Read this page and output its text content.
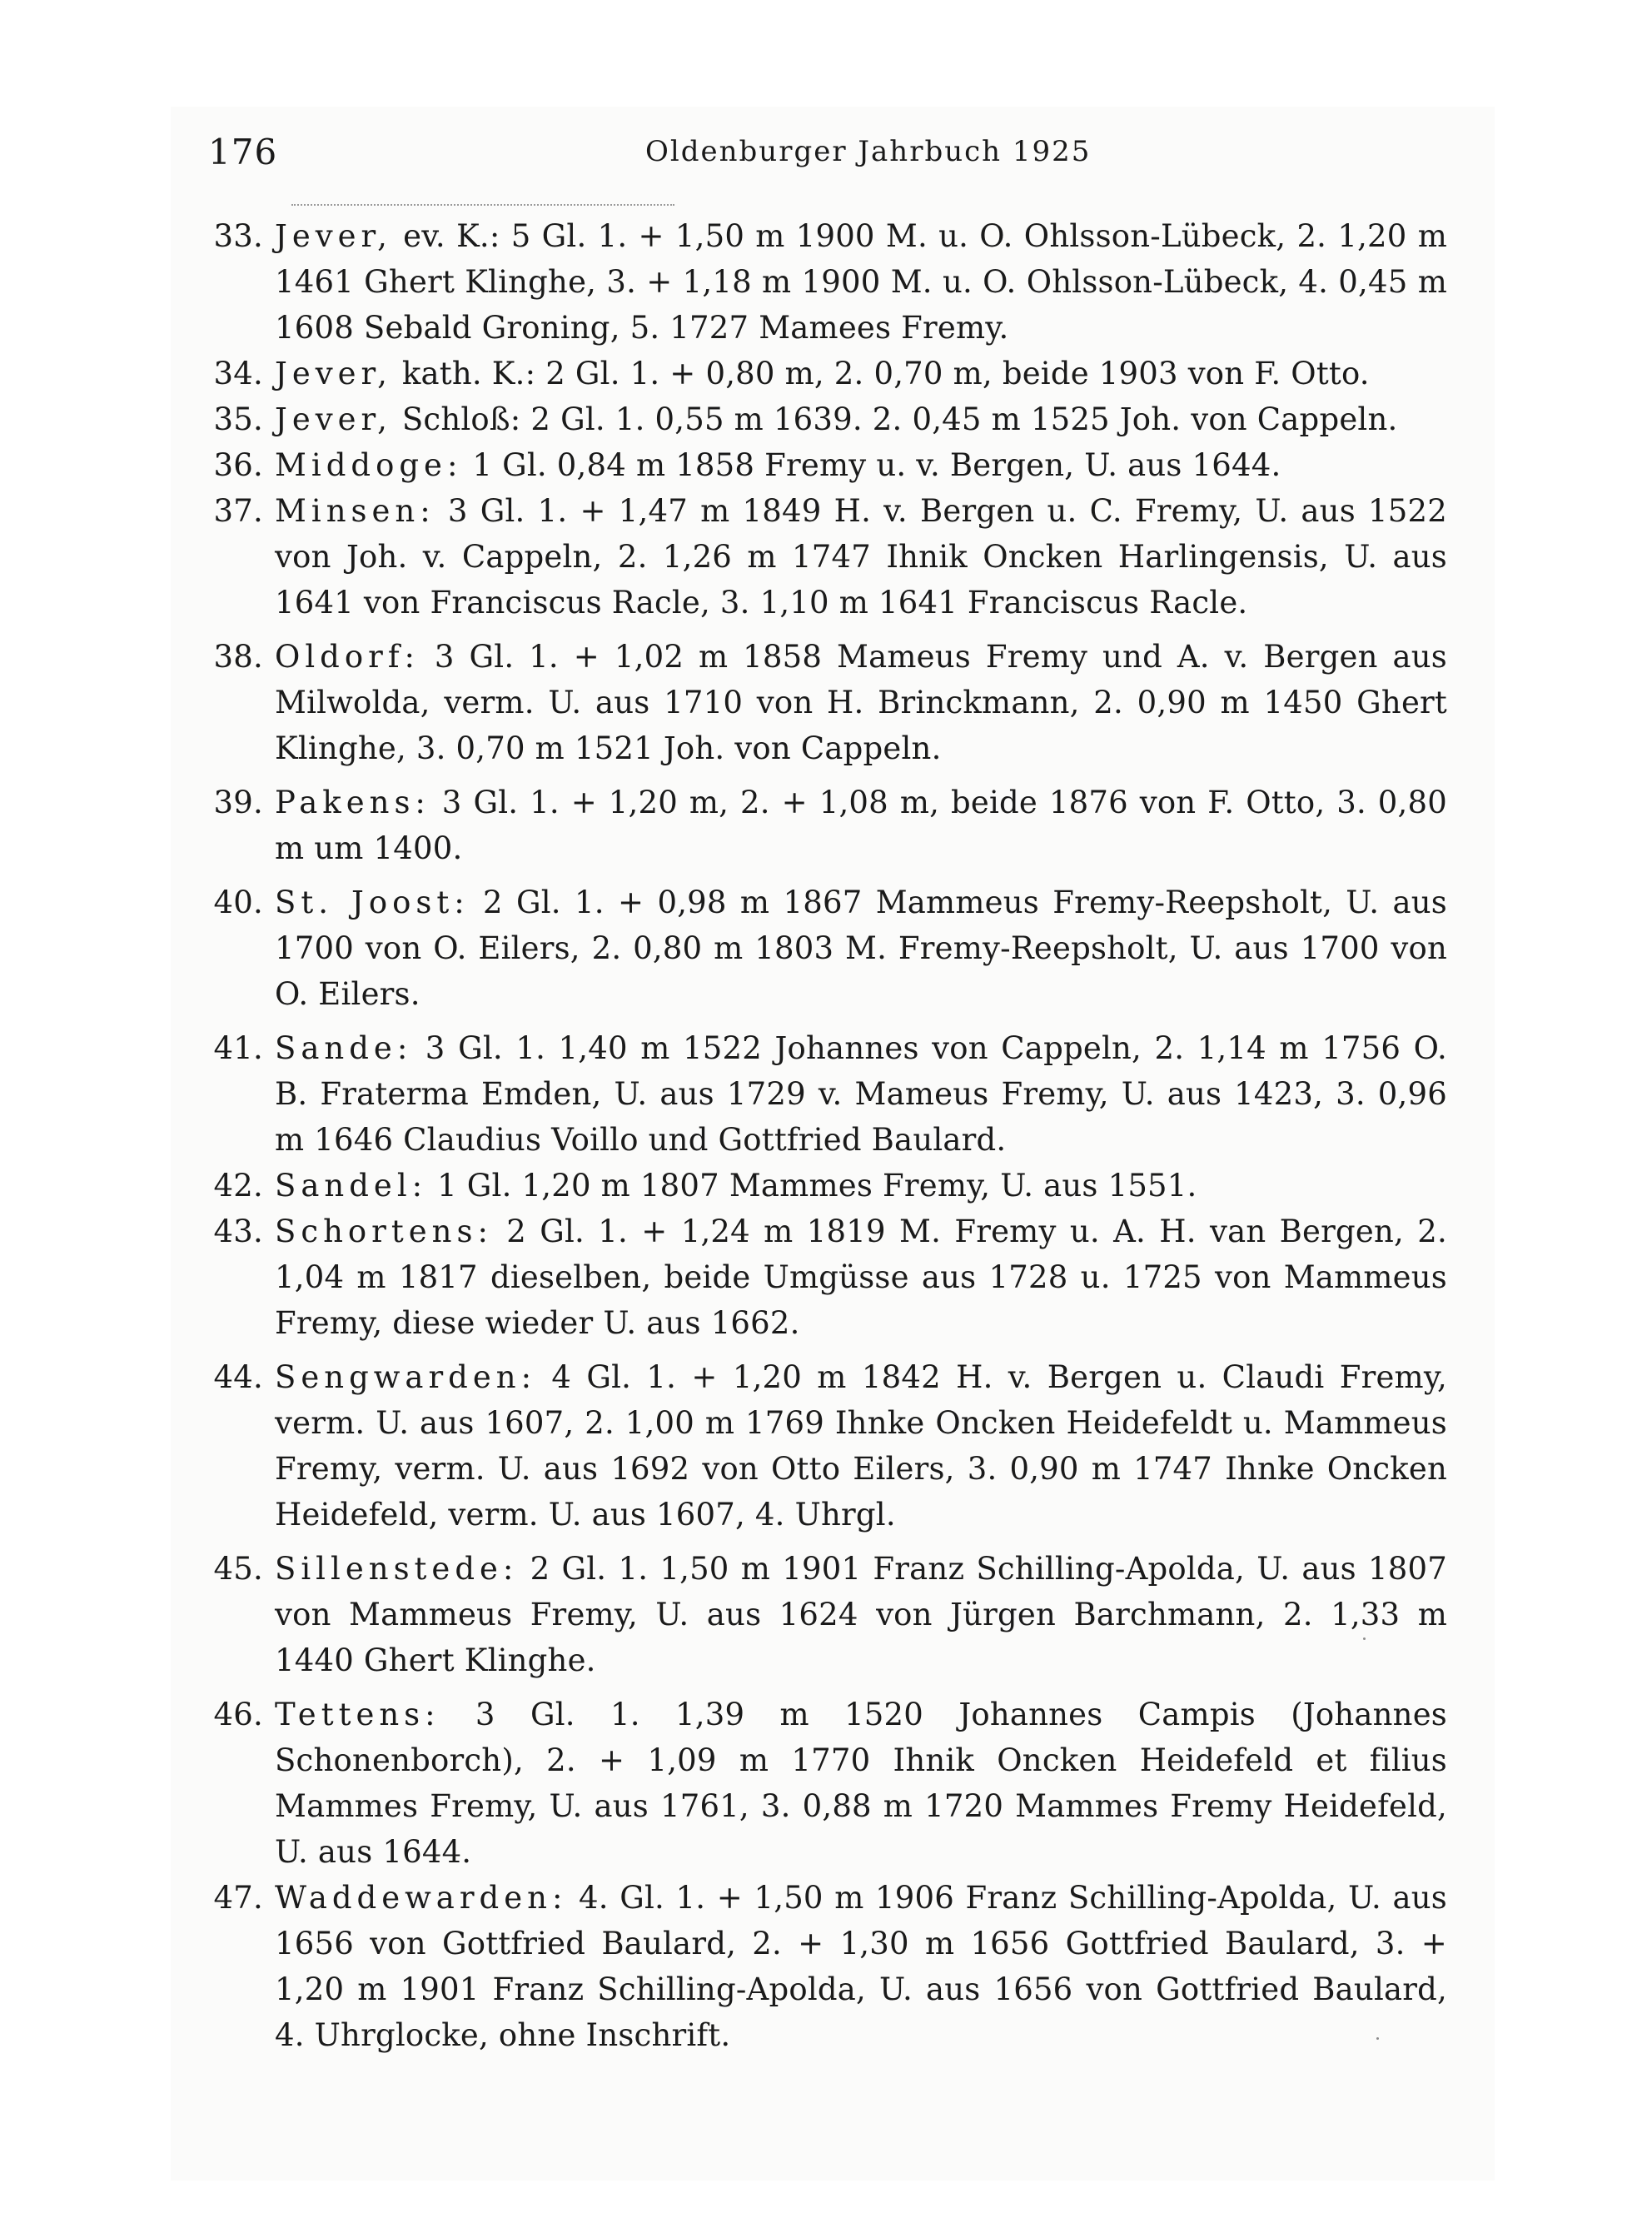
176	Oldenburger Jahrbuch 1925
33. Jever, ev. K.: 5 Gl. 1. + 1,50 m 1900 M. u. O. Ohlsson-Lübeck, 2. 1,20 m 1461 Ghert Klinghe, 3. + 1,18 m 1900 M. u. O. Ohlsson-Lübeck, 4. 0,45 m 1608 Sebald Groning, 5. 1727 Mamees Fremy.
34. Jever, kath. K.: 2 Gl. 1. + 0,80 m, 2. 0,70 m, beide 1903 von F. Otto.
35. Jever, Schloß: 2 Gl. 1. 0,55 m 1639. 2. 0,45 m 1525 Joh. von Cappeln.
36. Middoge: 1 Gl. 0,84 m 1858 Fremy u. v. Bergen, U. aus 1644.
37. Minsen: 3 Gl. 1. + 1,47 m 1849 H. v. Bergen u. C. Fremy, U. aus 1522 von Joh. v. Cappeln, 2. 1,26 m 1747 Ihnik Oncken Harlingensis, U. aus 1641 von Franciscus Racle, 3. 1,10 m 1641 Franciscus Racle.
38. Oldorf: 3 Gl. 1. + 1,02 m 1858 Mameus Fremy und A. v. Bergen aus Milwolda, verm. U. aus 1710 von H. Brinckmann, 2. 0,90 m 1450 Ghert Klinghe, 3. 0,70 m 1521 Joh. von Cappeln.
39. Pakens: 3 Gl. 1. + 1,20 m, 2. + 1,08 m, beide 1876 von F. Otto, 3. 0,80 m um 1400.
40. St. Joost: 2 Gl. 1. + 0,98 m 1867 Mammeus Fremy-Reepsholt, U. aus 1700 von O. Eilers, 2. 0,80 m 1803 M. Fremy-Reepsholt, U. aus 1700 von O. Eilers.
41. Sande: 3 Gl. 1. 1,40 m 1522 Johannes von Cappeln, 2. 1,14 m 1756 O. B. Fraterma Emden, U. aus 1729 v. Mameus Fremy, U. aus 1423, 3. 0,96 m 1646 Claudius Voillo und Gottfried Baulard.
42. Sandel: 1 Gl. 1,20 m 1807 Mammes Fremy, U. aus 1551.
43. Schortens: 2 Gl. 1. + 1,24 m 1819 M. Fremy u. A. H. van Bergen, 2. 1,04 m 1817 dieselben, beide Umgüsse aus 1728 u. 1725 von Mammeus Fremy, diese wieder U. aus 1662.
44. Sengwarden: 4 Gl. 1. + 1,20 m 1842 H. v. Bergen u. Claudi Fremy, verm. U. aus 1607, 2. 1,00 m 1769 Ihnke Oncken Heidefeldt u. Mammeus Fremy, verm. U. aus 1692 von Otto Eilers, 3. 0,90 m 1747 Ihnke Oncken Heidefeld, verm. U. aus 1607, 4. Uhrgl.
45. Sillenstede: 2 Gl. 1. 1,50 m 1901 Franz Schilling-Apolda, U. aus 1807 von Mammeus Fremy, U. aus 1624 von Jürgen Barchmann, 2. 1,33 m 1440 Ghert Klinghe.
46. Tettens: 3 Gl. 1. 1,39 m 1520 Johannes Campis (Johannes Schonenborch), 2. + 1,09 m 1770 Ihnik Oncken Heidefeld et filius Mammes Fremy, U. aus 1761, 3. 0,88 m 1720 Mammes Fremy Heidefeld, U. aus 1644.
47. Waddewarden: 4. Gl. 1. + 1,50 m 1906 Franz Schilling-Apolda, U. aus 1656 von Gottfried Baulard, 2. + 1,30 m 1656 Gottfried Baulard, 3. + 1,20 m 1901 Franz Schilling-Apolda, U. aus 1656 von Gottfried Baulard, 4. Uhrglocke, ohne Inschrift.
